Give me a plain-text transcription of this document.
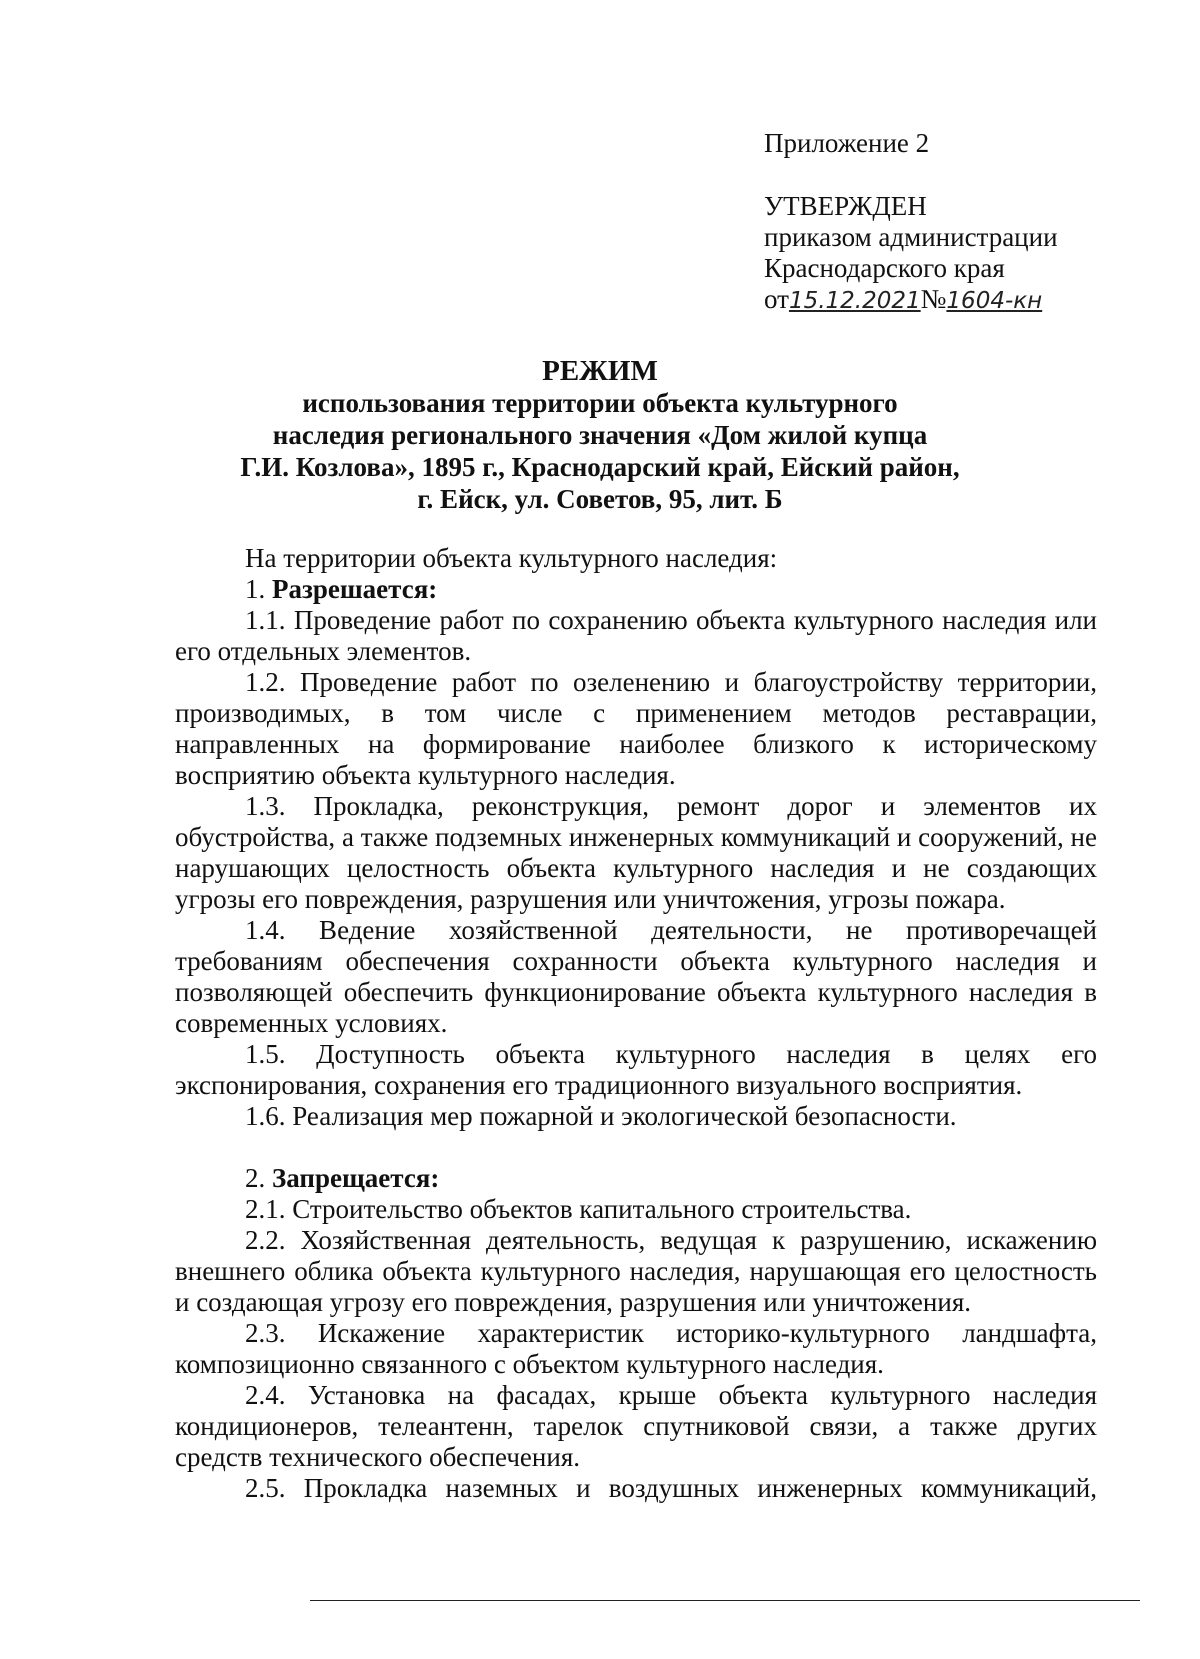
Приложение 2
УТВЕРЖДЕН
приказом администрации
Краснодарского края
от15.12.2021№1604-кн
РЕЖИМ
использования территории объекта культурного
наследия регионального значения «Дом жилой купца
Г.И. Козлова», 1895 г., Краснодарский край, Ейский район,
г. Ейск, ул. Советов, 95, лит. Б
На территории объекта культурного наследия:
1. Разрешается:
1.1. Проведение работ по сохранению объекта культурного наследия или его отдельных элементов.
1.2. Проведение работ по озеленению и благоустройству территории, производимых, в том числе с применением методов реставрации, направленных на формирование наиболее близкого к историческому восприятию объекта культурного наследия.
1.3. Прокладка, реконструкция, ремонт дорог и элементов их обустройства, а также подземных инженерных коммуникаций и сооружений, не нарушающих целостность объекта культурного наследия и не создающих угрозы его повреждения, разрушения или уничтожения, угрозы пожара.
1.4. Ведение хозяйственной деятельности, не противоречащей требованиям обеспечения сохранности объекта культурного наследия и позволяющей обеспечить функционирование объекта культурного наследия в современных условиях.
1.5. Доступность объекта культурного наследия в целях его экспонирования, сохранения его традиционного визуального восприятия.
1.6. Реализация мер пожарной и экологической безопасности.
2. Запрещается:
2.1. Строительство объектов капитального строительства.
2.2. Хозяйственная деятельность, ведущая к разрушению, искажению внешнего облика объекта культурного наследия, нарушающая его целостность и создающая угрозу его повреждения, разрушения или уничтожения.
2.3. Искажение характеристик историко-культурного ландшафта, композиционно связанного с объектом культурного наследия.
2.4. Установка на фасадах, крыше объекта культурного наследия кондиционеров, телеантенн, тарелок спутниковой связи, а также других средств технического обеспечения.
2.5. Прокладка наземных и воздушных инженерных коммуникаций,
